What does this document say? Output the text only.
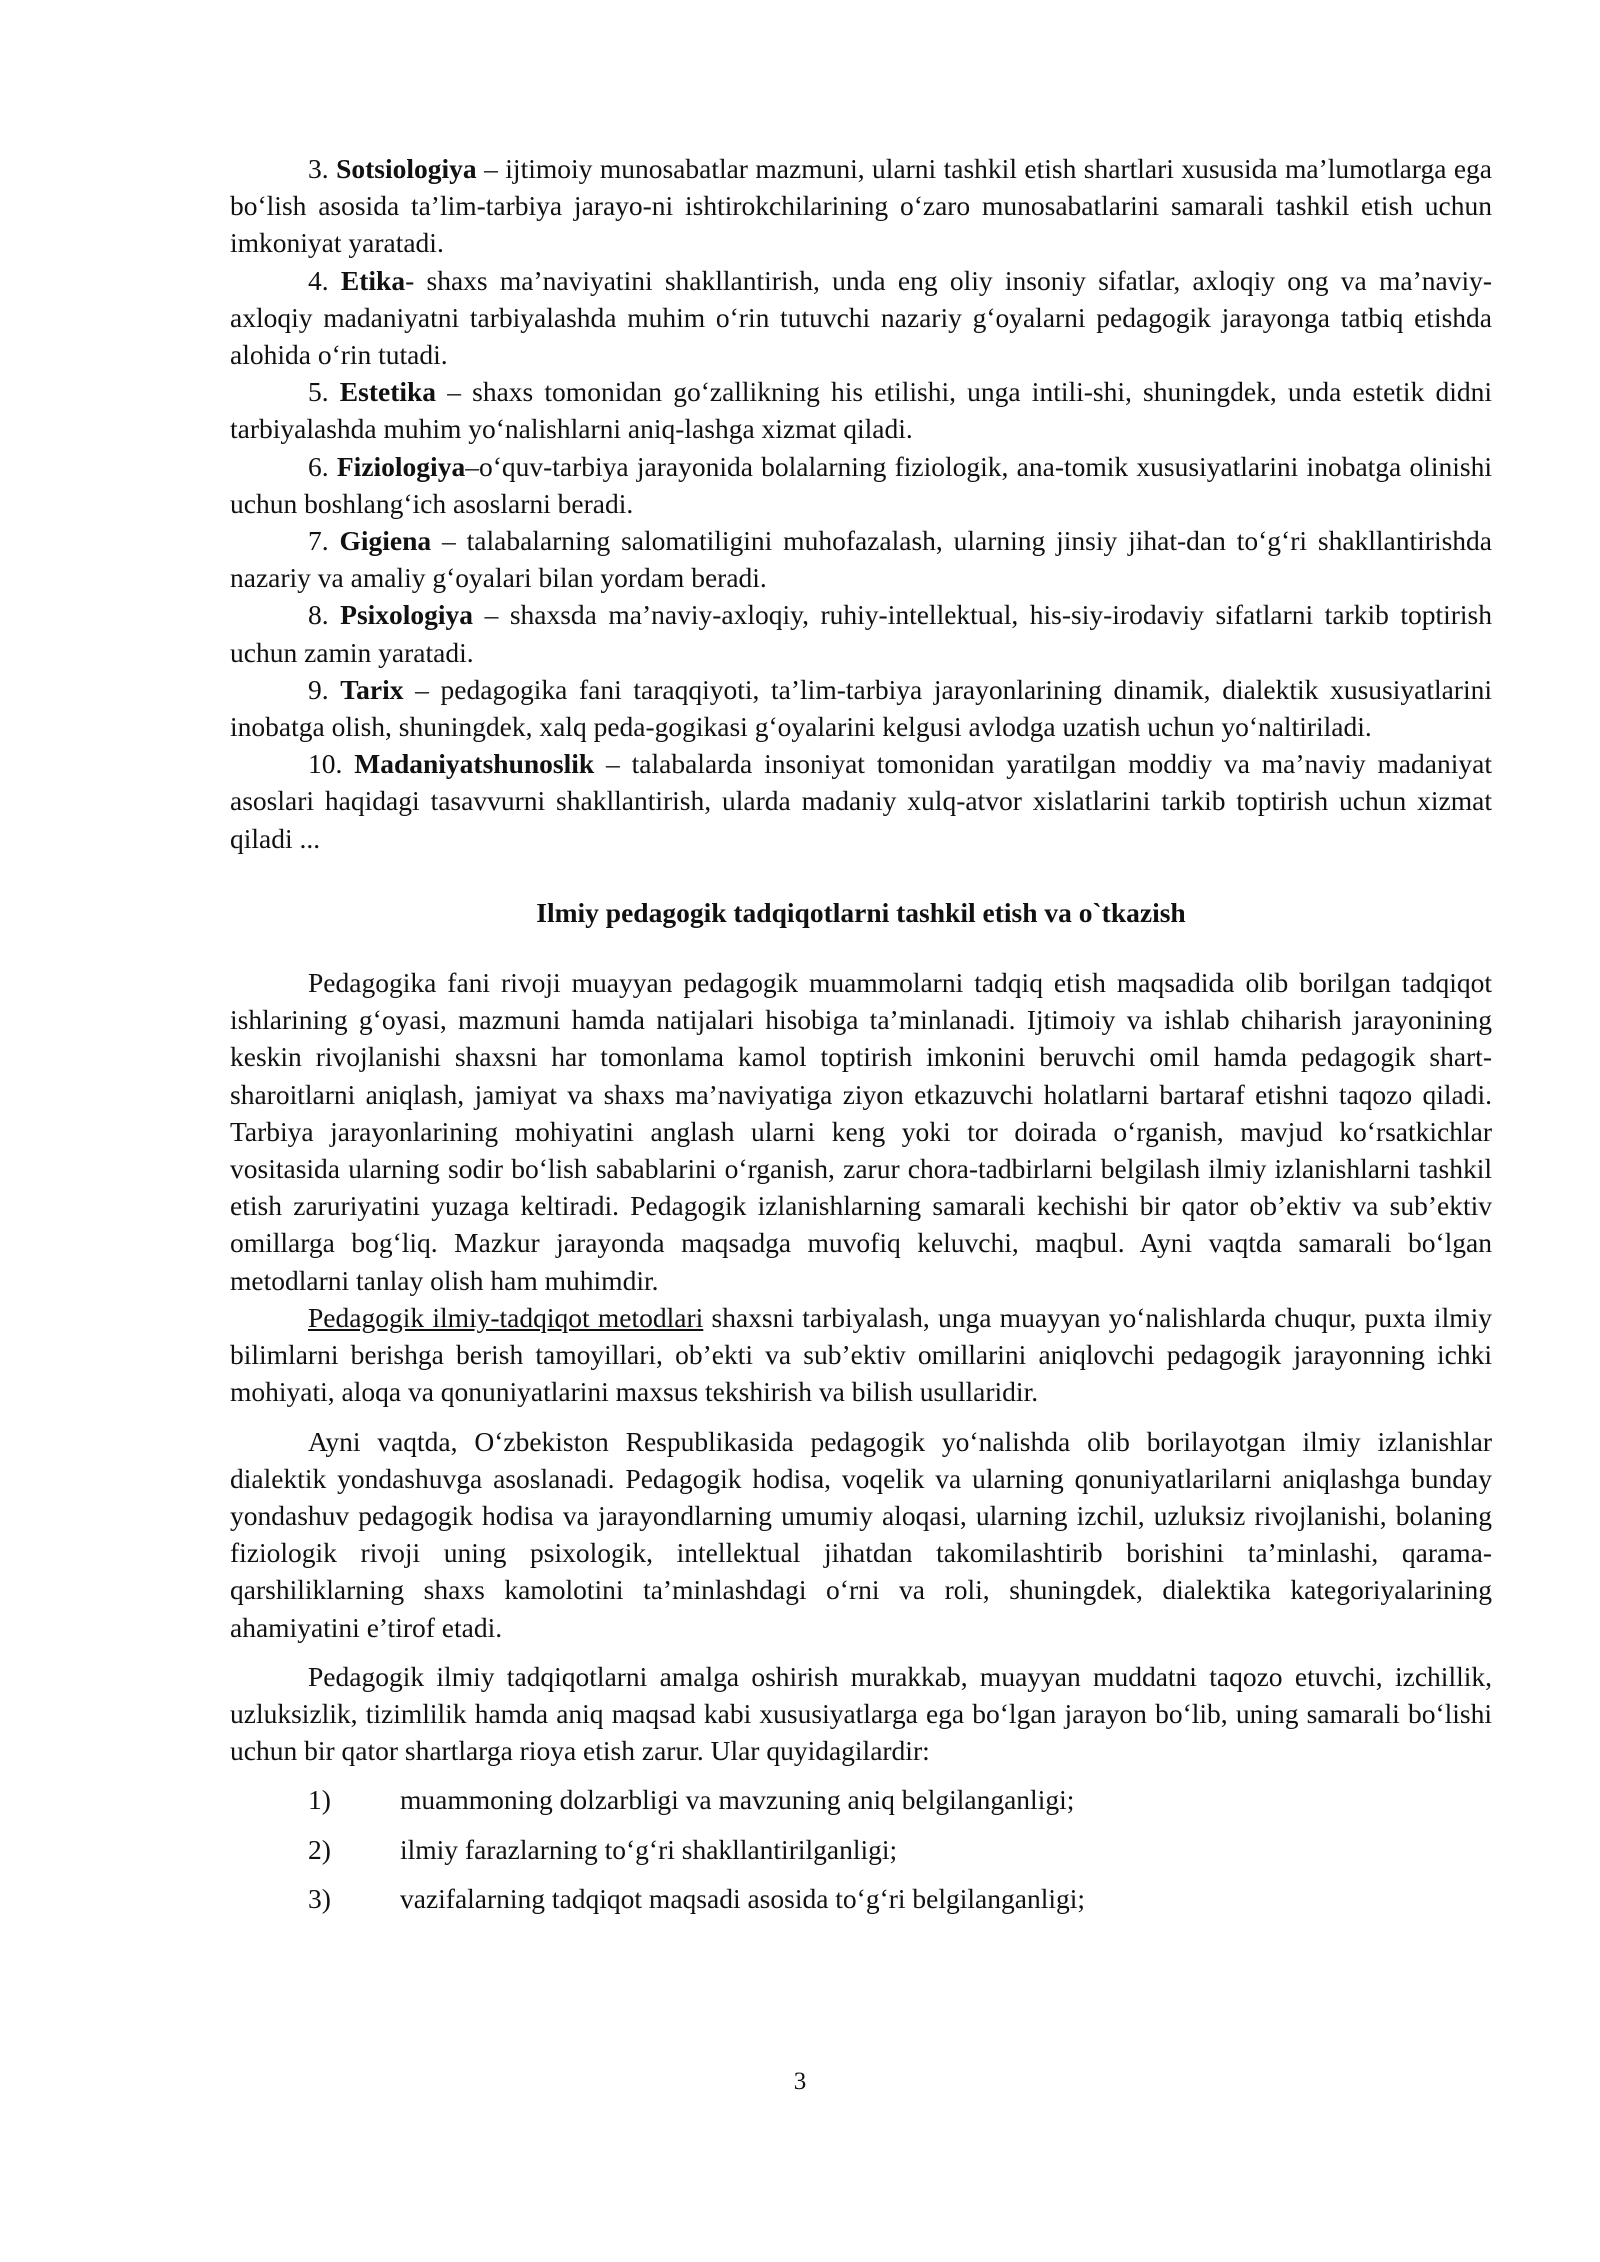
3. Sotsiologiya – ijtimoiy munosabatlar mazmuni, ularni tashkil etish shartlari xususida ma’lumotlarga ega bo‘lish asosida ta’lim-tarbiya jarayo-ni ishtirokchilarining o‘zaro munosabatlarini samarali tashkil etish uchun imkoniyat yaratadi.

4. Etika- shaxs ma’naviyatini shakllantirish, unda eng oliy insoniy sifatlar, axloqiy ong va ma’naviy-axloqiy madaniyatni tarbiyalashda muhim o‘rin tutuvchi nazariy g‘oyalarni pedagogik jarayonga tatbiq etishda alohida o‘rin tutadi.

5. Estetika – shaxs tomonidan go‘zallikning his etilishi, unga intili-shi, shuningdek, unda estetik didni tarbiyalashda muhim yo‘nalishlarni aniq-lashga xizmat qiladi.

6. Fiziologiya–o‘quv-tarbiya jarayonida bolalarning fiziologik, ana-tomik xususiyatlarini inobatga olinishi uchun boshlang‘ich asoslarni beradi.

7. Gigiena – talabalarning salomatiligini muhofazalash, ularning jinsiy jihat-dan to‘g‘ri shakllantirishda nazariy va amaliy g‘oyalari bilan yordam beradi.

8. Psixologiya – shaxsda ma’naviy-axloqiy, ruhiy-intellektual, his-siy-irodaviy sifatlarni tarkib toptirish uchun zamin yaratadi.

9. Tarix – pedagogika fani taraqqiyoti, ta’lim-tarbiya jarayonlarining dinamik, dialektik xususiyatlarini inobatga olish, shuningdek, xalq peda-gogikasi g‘oyalarini kelgusi avlodga uzatish uchun yo‘naltiriladi.

10. Madaniyatshunoslik – talabalarda insoniyat tomonidan yaratilgan moddiy va ma’naviy madaniyat asoslari haqidagi tasavvurni shakllantirish, ularda madaniy xulq-atvor xislatlarini tarkib toptirish uchun xizmat qiladi ...

Ilmiy pedagogik tadqiqotlarni tashkil etish va o`tkazish

Pedagogika fani rivoji muayyan pedagogik muammolarni tadqiq etish maqsadida olib borilgan tadqiqot ishlarining g‘oyasi, mazmuni hamda natijalari hisobiga ta’minlanadi. Ijtimoiy va ishlab chiharish jarayonining keskin rivojlanishi shaxsni har tomonlama kamol toptirish imkonini beruvchi omil hamda pedagogik shart-sharoitlarni aniqlash, jamiyat va shaxs ma’naviyatiga ziyon etkazuvchi holatlarni bartaraf etishni taqozo qiladi. Tarbiya jarayonlarining mohiyatini anglash ularni keng yoki tor doirada o‘rganish, mavjud ko‘rsatkichlar vositasida ularning sodir bo‘lish sabablarini o‘rganish, zarur chora-tadbirlarni belgilash ilmiy izlanishlarni tashkil etish zaruriyatini yuzaga keltiradi. Pedagogik izlanishlarning samarali kechishi bir qator ob’ektiv va sub’ektiv omillarga bog‘liq. Mazkur jarayonda maqsadga muvofiq keluvchi, maqbul. Ayni vaqtda samarali bo‘lgan metodlarni tanlay olish ham muhimdir.

Pedagogik ilmiy-tadqiqot metodlari shaxsni tarbiyalash, unga muayyan yo‘nalishlarda chuqur, puxta ilmiy bilimlarni berishga berish tamoyillari, ob’ekti va sub’ektiv omillarini aniqlovchi pedagogik jarayonning ichki mohiyati, aloqa va qonuniyatlarini maxsus tekshirish va bilish usullaridir.

Ayni vaqtda, O‘zbekiston Respublikasida pedagogik yo‘nalishda olib borilayotgan ilmiy izlanishlar dialektik yondashuvga asoslanadi. Pedagogik hodisa, voqelik va ularning qonuniyatlarilarni aniqlashga bunday yondashuv pedagogik hodisa va jarayondlarning umumiy aloqasi, ularning izchil, uzluksiz rivojlanishi, bolaning fiziologik rivoji uning psixologik, intellektual jihatdan takomilashtirib borishini ta’minlashi, qarama-qarshiliklarning shaxs kamolotini ta’minlashdagi o‘rni va roli, shuningdek, dialektika kategoriyalarining ahamiyatini e’tirof etadi.

Pedagogik ilmiy tadqiqotlarni amalga oshirish murakkab, muayyan muddatni taqozo etuvchi, izchillik, uzluksizlik, tizimlilik hamda aniq maqsad kabi xususiyatlarga ega bo‘lgan jarayon bo‘lib, uning samarali bo‘lishi uchun bir qator shartlarga rioya etish zarur. Ular quyidagilardir:

1)	muammoning dolzarbligi va mavzuning aniq belgilanganligi;
2)	ilmiy farazlarning to‘g‘ri shakllantirilganligi;
3)	vazifalarning tadqiqot maqsadi asosida to‘g‘ri belgilanganligi;
3
